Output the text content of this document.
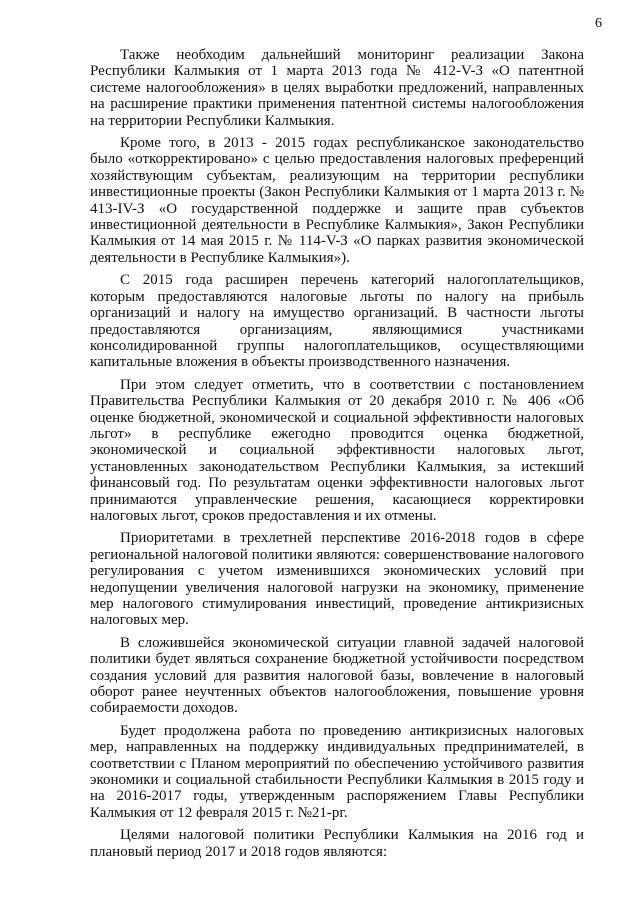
6

Также необходим дальнейший мониторинг реализации Закона Республики Калмыкия от 1 марта 2013 года № 412-V-З «О патентной системе налогообложения» в целях выработки предложений, направленных на расширение практики применения патентной системы налогообложения на территории Республики Калмыкия.

Кроме того, в 2013 - 2015 годах республиканское законодательство было «откорректировано» с целью предоставления налоговых преференций хозяйствующим субъектам, реализующим на территории республики инвестиционные проекты (Закон Республики Калмыкия от 1 марта 2013 г. № 413-IV-З «О государственной поддержке и защите прав субъектов инвестиционной деятельности в Республике Калмыкия», Закон Республики Калмыкия от 14 мая 2015 г. № 114-V-З «О парках развития экономической деятельности в Республике Калмыкия»).

С 2015 года расширен перечень категорий налогоплательщиков, которым предоставляются налоговые льготы по налогу на прибыль организаций и налогу на имущество организаций. В частности льготы предоставляются организациям, являющимися участниками консолидированной группы налогоплательщиков, осуществляющими капитальные вложения в объекты производственного назначения.

При этом следует отметить, что в соответствии с постановлением Правительства Республики Калмыкия от 20 декабря 2010 г. № 406 «Об оценке бюджетной, экономической и социальной эффективности налоговых льгот» в республике ежегодно проводится оценка бюджетной, экономической и социальной эффективности налоговых льгот, установленных законодательством Республики Калмыкия, за истекший финансовый год. По результатам оценки эффективности налоговых льгот принимаются управленческие решения, касающиеся корректировки налоговых льгот, сроков предоставления и их отмены.

Приоритетами в трехлетней перспективе 2016-2018 годов в сфере региональной налоговой политики являются: совершенствование налогового регулирования с учетом изменившихся экономических условий при недопущении увеличения налоговой нагрузки на экономику, применение мер налогового стимулирования инвестиций, проведение антикризисных налоговых мер.

В сложившейся экономической ситуации главной задачей налоговой политики будет являться сохранение бюджетной устойчивости посредством создания условий для развития налоговой базы, вовлечение в налоговый оборот ранее неучтенных объектов налогообложения, повышение уровня собираемости доходов.

Будет продолжена работа по проведению антикризисных налоговых мер, направленных на поддержку индивидуальных предпринимателей, в соответствии с Планом мероприятий по обеспечению устойчивого развития экономики и социальной стабильности Республики Калмыкия в 2015 году и на 2016-2017 годы, утвержденным распоряжением Главы Республики Калмыкия от 12 февраля 2015 г. №21-рг.

Целями налоговой политики Республики Калмыкия на 2016 год и плановый период 2017 и 2018 годов являются:
